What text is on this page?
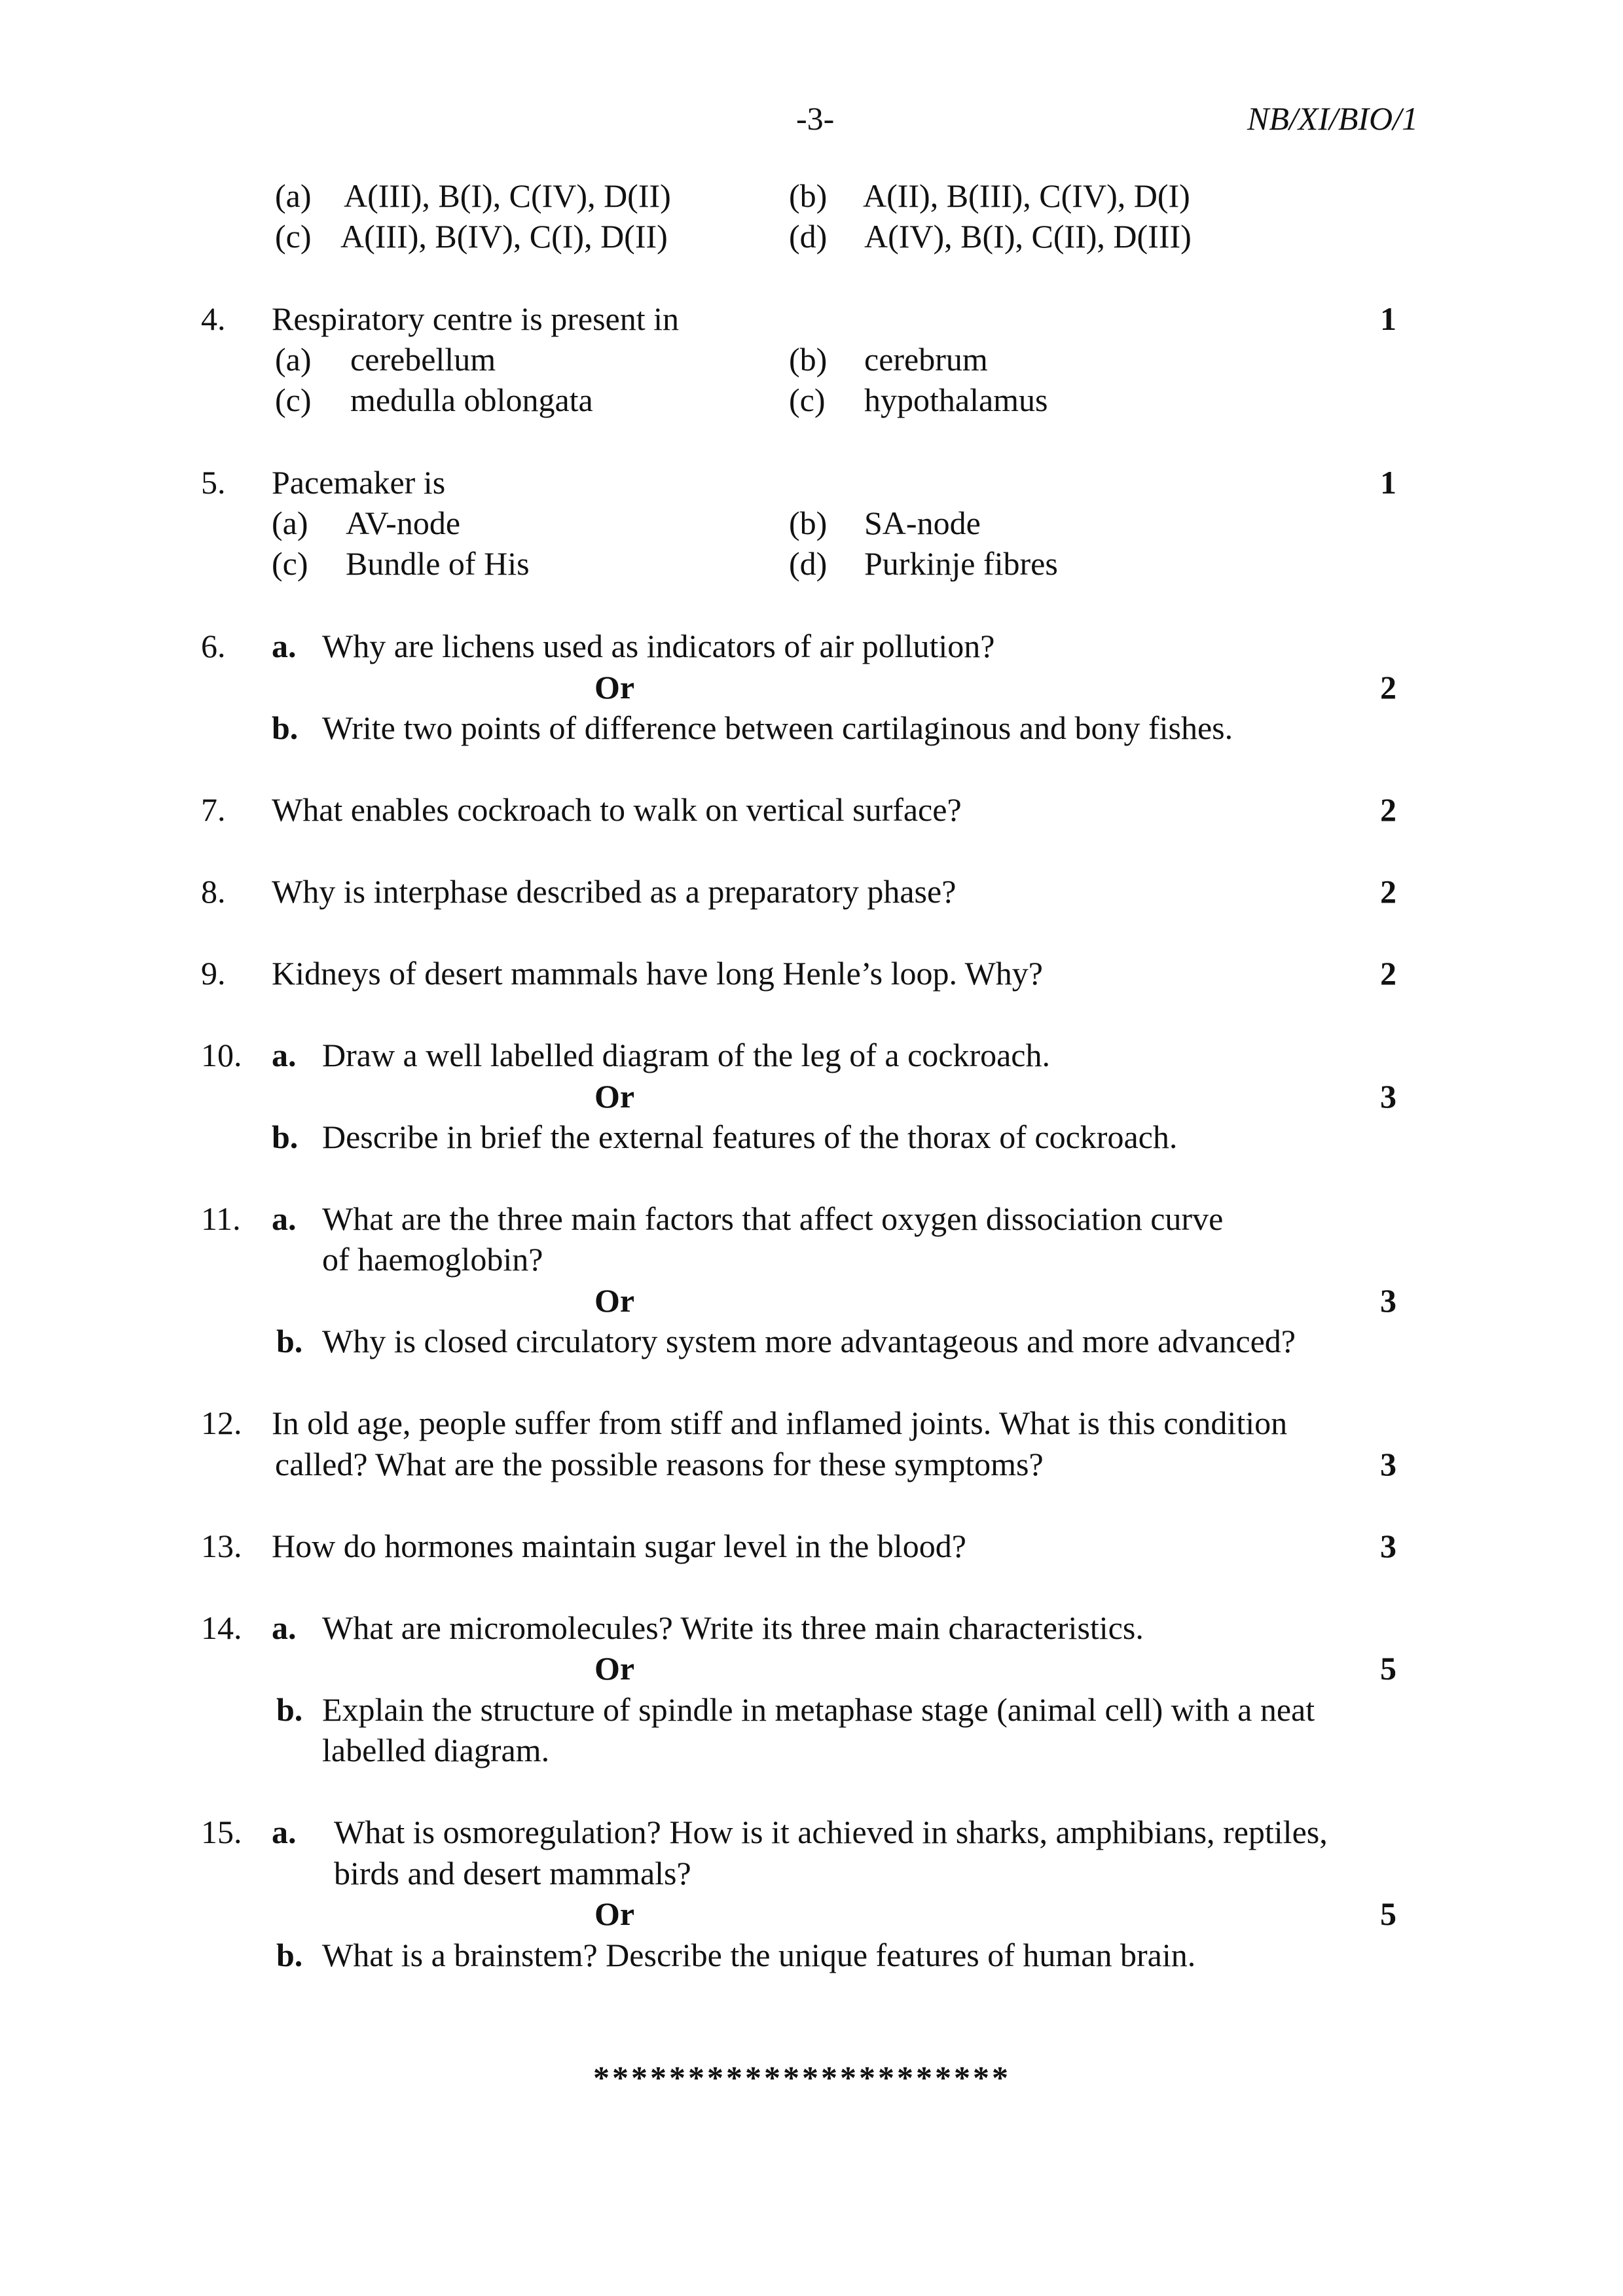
-3-	NB/XI/BIO/1
(a) A(III), B(I), C(IV), D(II)	(b) A(II), B(III), C(IV), D(I)
(c) A(III), B(IV), C(I), D(II)	(d) A(IV), B(I), C(II), D(III)
4. Respiratory centre is present in	1
(a) cerebellum	(b) cerebrum
(c) medulla oblongata	(c) hypothalamus
5. Pacemaker is	1
(a) AV-node	(b) SA-node
(c) Bundle of His	(d) Purkinje fibres
6. a. Why are lichens used as indicators of air pollution?
Or	2
b. Write two points of difference between cartilaginous and bony fishes.
7. What enables cockroach to walk on vertical surface?	2
8. Why is interphase described as a preparatory phase?	2
9. Kidneys of desert mammals have long Henle’s loop. Why?	2
10. a. Draw a well labelled diagram of the leg of a cockroach.
Or	3
b. Describe in brief the external features of the thorax of cockroach.
11. a. What are the three main factors that affect oxygen dissociation curve
of haemoglobin?
Or	3
b. Why is closed circulatory system more advantageous and more advanced?
12. In old age, people suffer from stiff and inflamed joints. What is this condition
called? What are the possible reasons for these symptoms?	3
13. How do hormones maintain sugar level in the blood?	3
14. a. What are micromolecules? Write its three main characteristics.
Or	5
b. Explain the structure of spindle in metaphase stage (animal cell) with a neat
labelled diagram.
15. a. What is osmoregulation? How is it achieved in sharks, amphibians, reptiles,
birds and desert mammals?
Or	5
b. What is a brainstem? Describe the unique features of human brain.
**********************
